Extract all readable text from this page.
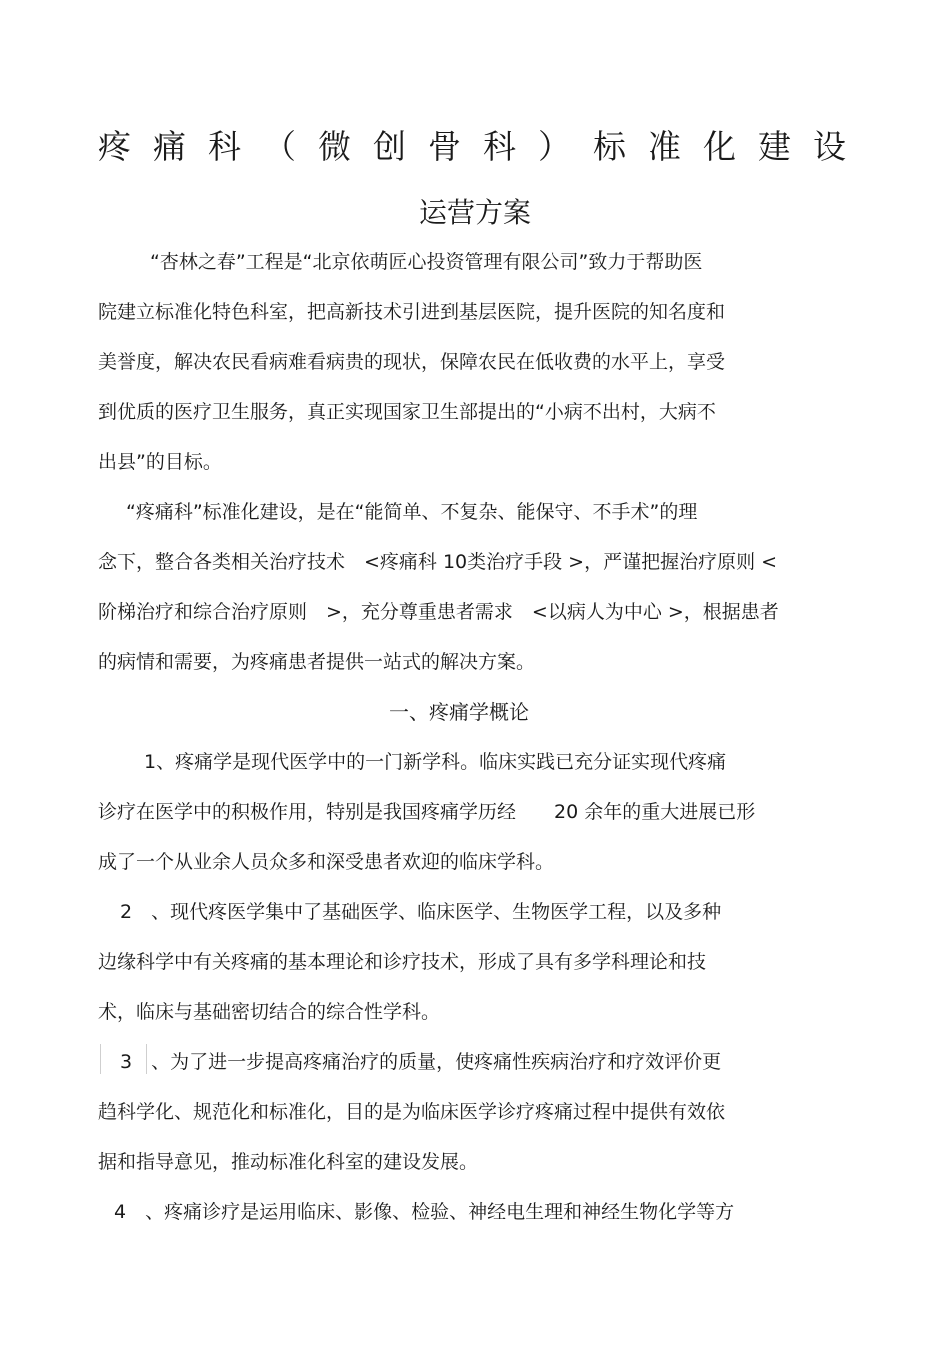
疼痛科（微创骨科）标准化建设
运营方案
“杏林之春”工程是“北京依萌匠心投资管理有限公司”致力于帮助医
院建立标准化特色科室，把高新技术引进到基层医院，提升医院的知名度和
美誉度，解决农民看病难看病贵的现状，保障农民在低收费的水平上，享受
到优质的医疗卫生服务，真正实现国家卫生部提出的“小病不出村，大病不
出县”的目标。
“疼痛科”标准化建设，是在“能简单、不复杂、能保守、不手术”的理
念下，整合各类相关治疗技术　<疼痛科 10类治疗手段 >，严谨把握治疗原则 <
阶梯治疗和综合治疗原则　>，充分尊重患者需求　<以病人为中心 >，根据患者
的病情和需要，为疼痛患者提供一站式的解决方案。
一、疼痛学概论
1、疼痛学是现代医学中的一门新学科。临床实践已充分证实现代疼痛
诊疗在医学中的积极作用，特别是我国疼痛学历经　　20 余年的重大进展已形
成了一个从业余人员众多和深受患者欢迎的临床学科。
2　、现代疼医学集中了基础医学、临床医学、生物医学工程，以及多种
边缘科学中有关疼痛的基本理论和诊疗技术，形成了具有多学科理论和技
术，临床与基础密切结合的综合性学科。
3　、为了进一步提高疼痛治疗的质量，使疼痛性疾病治疗和疗效评价更
趋科学化、规范化和标准化，目的是为临床医学诊疗疼痛过程中提供有效依
据和指导意见，推动标准化科室的建设发展。
4　、疼痛诊疗是运用临床、影像、检验、神经电生理和神经生物化学等方
